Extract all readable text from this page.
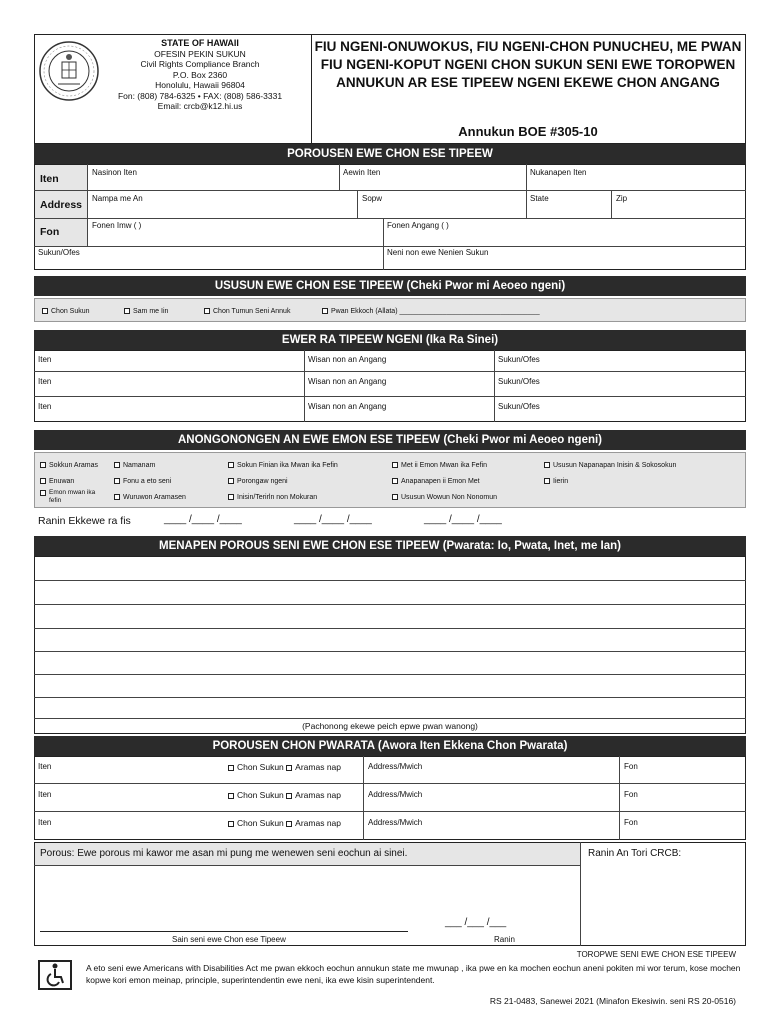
STATE OF HAWAII
OFESIN PEKIN SUKUN
Civil Rights Compliance Branch
P.O. Box 2360
Honolulu, Hawaii 96804
Fon: (808) 784-6325 • FAX: (808) 586-3331
Email: crcb@k12.hi.us
FIU NGENI-ONUWOKUS, FIU NGENI-CHON PUNUCHEU, ME PWAN FIU NGENI-KOPUT NGENI CHON SUKUN SENI EWE TOROPWEN ANNUKUN AR ESE TIPEEW NGENI EKEWE CHON ANGANG
Annukun BOE #305-10
POROUSEN EWE CHON ESE TIPEEW
Iten
Nasinon Iten	Aewin Iten	Nukanapen Iten
Address
Nampa me An	Sopw	State	Zip
Fon
Fonen Imw ( )	Fonen Angang ( )
Sukun/Ofes	Neni non ewe Nenien Sukun
USUSUN EWE CHON ESE TIPEEW (Cheki Pwor mi Aeoeo ngeni)
Chon Sukun	Sam me Iin	Chon Tumun Seni Annuk	Pwan Ekkoch (Allata) ____________________________________
EWER RA TIPEEW NGENI (Ika Ra Sinei)
Iten	Wisan non an Angang	Sukun/Ofes
Iten	Wisan non an Angang	Sukun/Ofes
Iten	Wisan non an Angang	Sukun/Ofes
ANONGONONGEN AN EWE EMON ESE TIPEEW (Cheki Pwor mi Aeoeo ngeni)
Sokkun Aramas
Enuwan
Emon mwan ika fefin
Namanam
Fonu a eto seni
Wuruwon Aramasen
Sokun Finian ika Mwan ika Fefin
Porongaw ngeni
Inisin/Terirln non Mokuran
Met ii Emon Mwan ika Fefin
Anapanapen ii Emon Met
Ususun Wowun Non Nonomun
Ususun Napanapan Inisin & Sokosokun
Iierin
Ranin Ekkewe ra fis	____ /____ /____	____ /____ /____	____ /____ /____
MENAPEN POROUS SENI EWE CHON ESE TIPEEW (Pwarata: Io, Pwata, Inet, me Ian)
(Pachonong ekewe peich epwe pwan wanong)
POROUSEN CHON PWARATA (Awora Iten Ekkena Chon Pwarata)
Iten	Chon Sukun Aramas nap	Address/Mwich	Fon
Iten	Chon Sukun Aramas nap	Address/Mwich	Fon
Iten	Chon Sukun Aramas nap	Address/Mwich	Fon
Porous: Ewe porous mi kawor me asan mi pung me wenewen seni eochun ai sinei.	Ranin An Tori CRCB:
___ /___ /___
Sain seni ewe Chon ese Tipeew	Ranin
TOROPWE SENI EWE CHON ESE TIPEEW
A eto seni ewe Americans with Disabilities Act me pwan ekkoch eochun annukun state me mwunap , ika pwe en ka mochen eochun aneni pokiten mi wor terum, kose mochen kopwe kori emon meinap, principle, superintendentin ewe neni, ika ewe kisin superintendent.
RS 21-0483, Sanewei 2021 (Minafon Ekesiwin. seni RS 20-0516)
